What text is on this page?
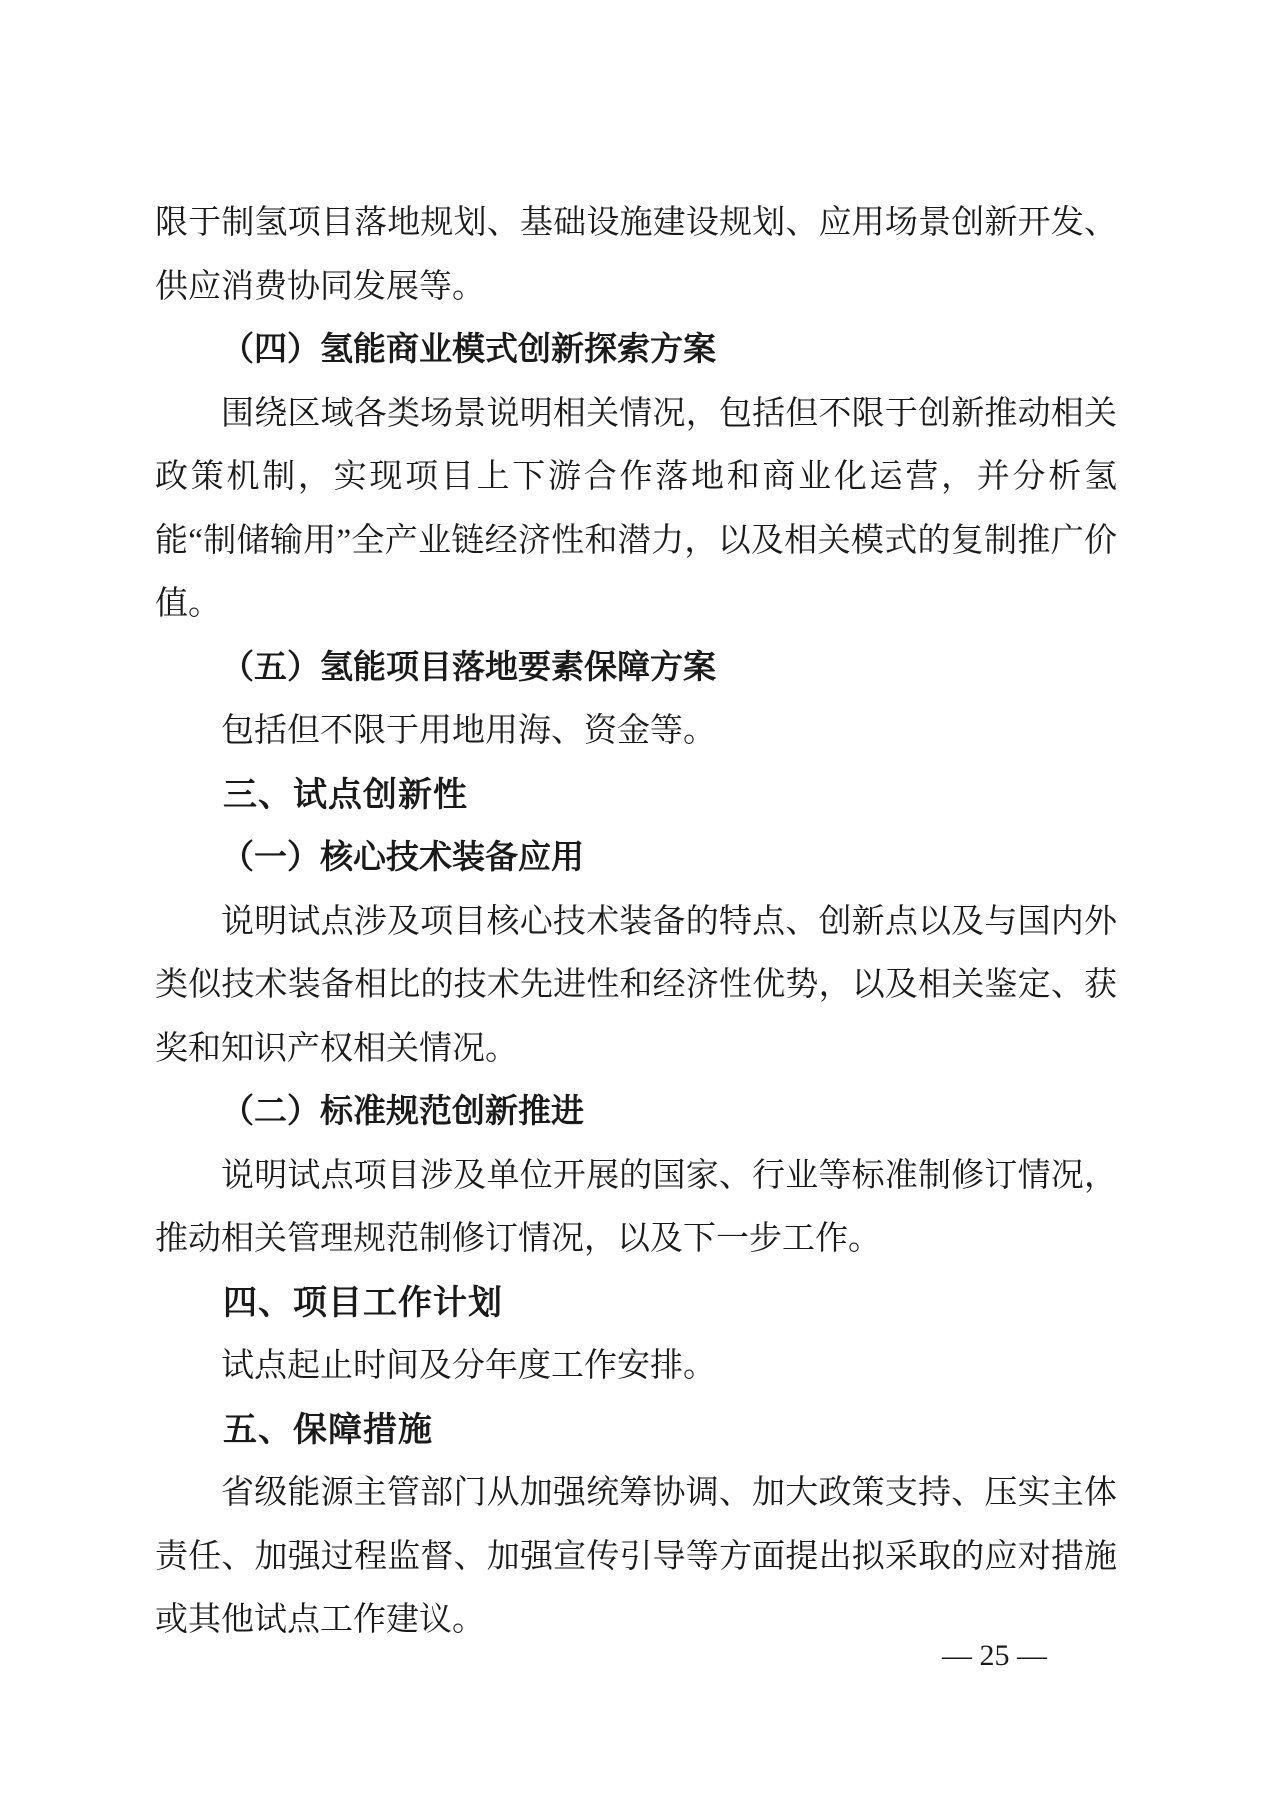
限于制氢项目落地规划、基础设施建设规划、应用场景创新开发、供应消费协同发展等。

（四）氢能商业模式创新探索方案

围绕区域各类场景说明相关情况，包括但不限于创新推动相关政策机制，实现项目上下游合作落地和商业化运营，并分析氢能“制储输用”全产业链经济性和潜力，以及相关模式的复制推广价值。

（五）氢能项目落地要素保障方案

包括但不限于用地用海、资金等。

三、试点创新性

（一）核心技术装备应用

说明试点涉及项目核心技术装备的特点、创新点以及与国内外类似技术装备相比的技术先进性和经济性优势，以及相关鉴定、获奖和知识产权相关情况。

（二）标准规范创新推进

说明试点项目涉及单位开展的国家、行业等标准制修订情况，推动相关管理规范制修订情况，以及下一步工作。

四、项目工作计划

试点起止时间及分年度工作安排。

五、保障措施

省级能源主管部门从加强统筹协调、加大政策支持、压实主体责任、加强过程监督、加强宣传引导等方面提出拟采取的应对措施或其他试点工作建议。

— 25 —
